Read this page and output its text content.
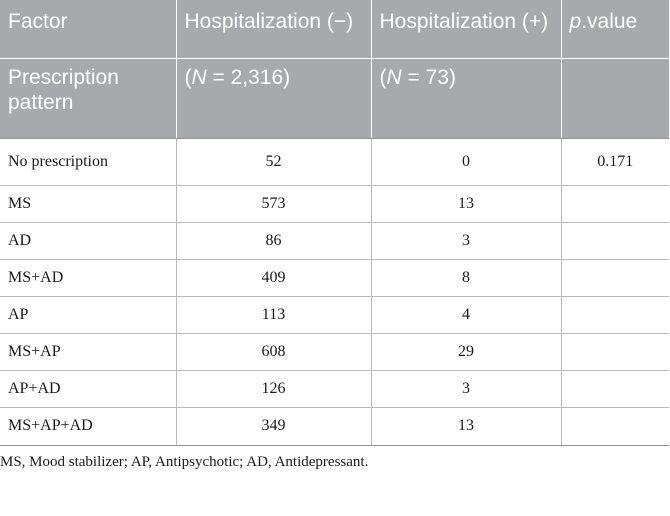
Factor	Hospitalization (−)	Hospitalization (+)	p.value
Prescription pattern	(N = 2,316)	(N = 73)	
No prescription	52	0	0.171
MS	573	13	
AD	86	3	
MS+AD	409	8	
AP	113	4	
MS+AP	608	29	
AP+AD	126	3	
MS+AP+AD	349	13	

MS, Mood stabilizer; AP, Antipsychotic; AD, Antidepressant.
